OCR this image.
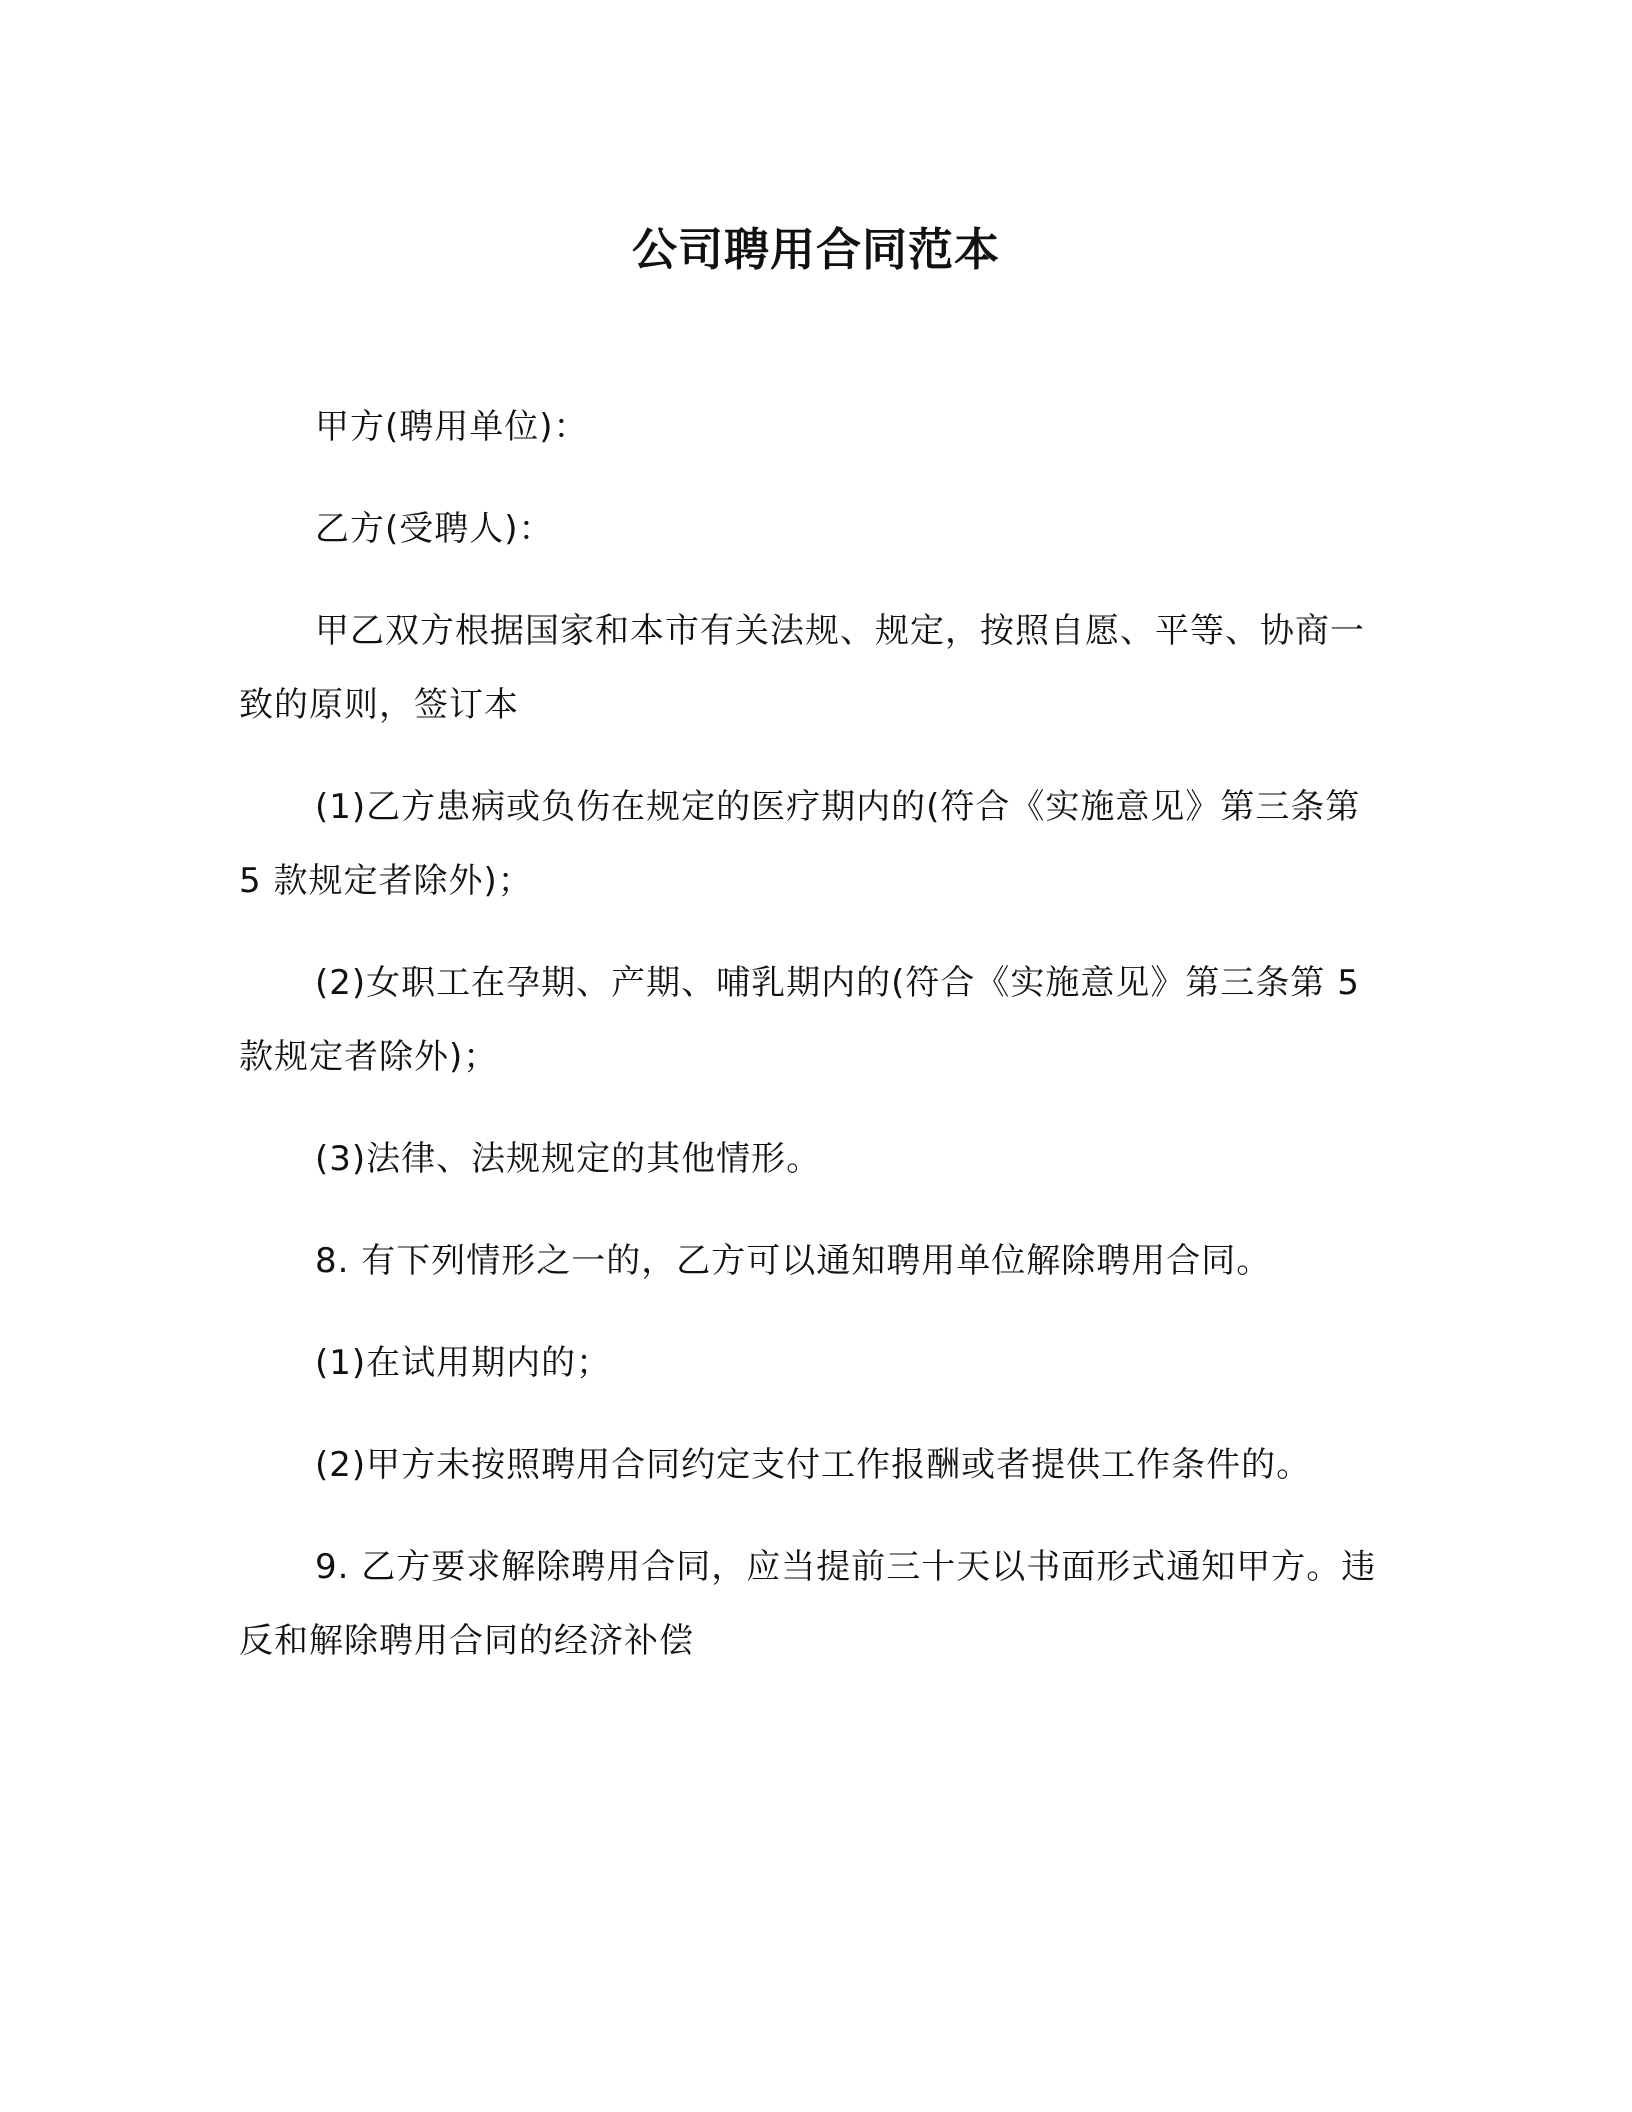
公司聘用合同范本

甲方(聘用单位)：

乙方(受聘人)：

甲乙双方根据国家和本市有关法规、规定，按照自愿、平等、协商一致的原则，签订本

(1)乙方患病或负伤在规定的医疗期内的(符合《实施意见》第三条第 5 款规定者除外)；

(2)女职工在孕期、产期、哺乳期内的(符合《实施意见》第三条第 5 款规定者除外)；

(3)法律、法规规定的其他情形。

8. 有下列情形之一的，乙方可以通知聘用单位解除聘用合同。

(1)在试用期内的；

(2)甲方未按照聘用合同约定支付工作报酬或者提供工作条件的。

9. 乙方要求解除聘用合同，应当提前三十天以书面形式通知甲方。违反和解除聘用合同的经济补偿
